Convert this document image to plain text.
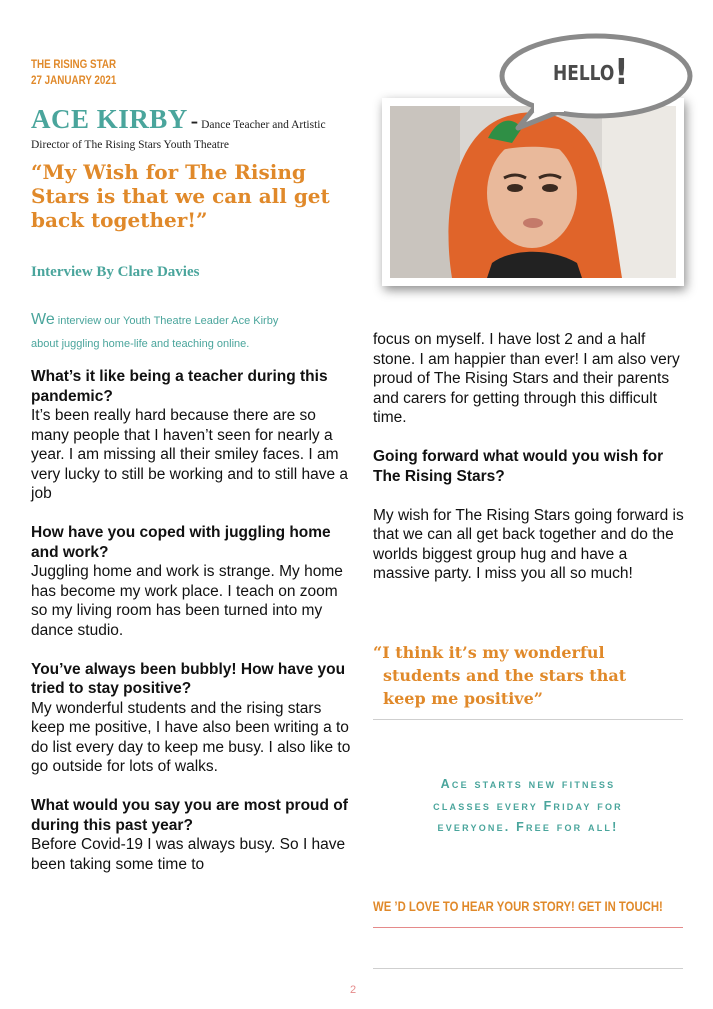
THE RISING STAR
27 JANUARY 2021
ACE KIRBY - Dance Teacher and Artistic
Director of The Rising Stars Youth Theatre
“My Wish for The Rising Stars is that we can all get back together!”
Interview By Clare Davies
We interview our Youth Theatre Leader Ace Kirby
about juggling home-life and teaching online.

What’s it like being a teacher during this pandemic?

It’s been really hard because there are so many people that I haven’t seen for nearly a year. I am missing all their smiley faces. I am very lucky to still be working and to still have a job

How have you coped with juggling home and work?

Juggling home and work is strange. My home has become my work place. I teach on zoom so my living room has been turned into my dance studio.

You’ve always been bubbly! How have you tried to stay positive?

My wonderful students and the rising stars keep me positive, I have also been writing a to do list every day to keep me busy. I also like to go outside for lots of walks.

What would you say you are most proud of during this past year?

Before Covid-19 I was always busy. So I have been taking some time to

HELLO!

focus on myself. I have lost 2 and a half stone. I am happier than ever! I am also very proud of The Rising Stars and their parents and carers for getting through this difficult time.

Going forward what would you wish for The Rising Stars?

My wish for The Rising Stars going forward is that we can all get back together and do the worlds biggest group hug and have a massive party. I miss you all so much!

“I think it’s my wonderful
students and the stars that
keep me positive”
Ace starts new fitness
classes every Friday for
everyone. Free for all!
WE ’D LOVE TO HEAR YOUR STORY! GET IN TOUCH!
2
